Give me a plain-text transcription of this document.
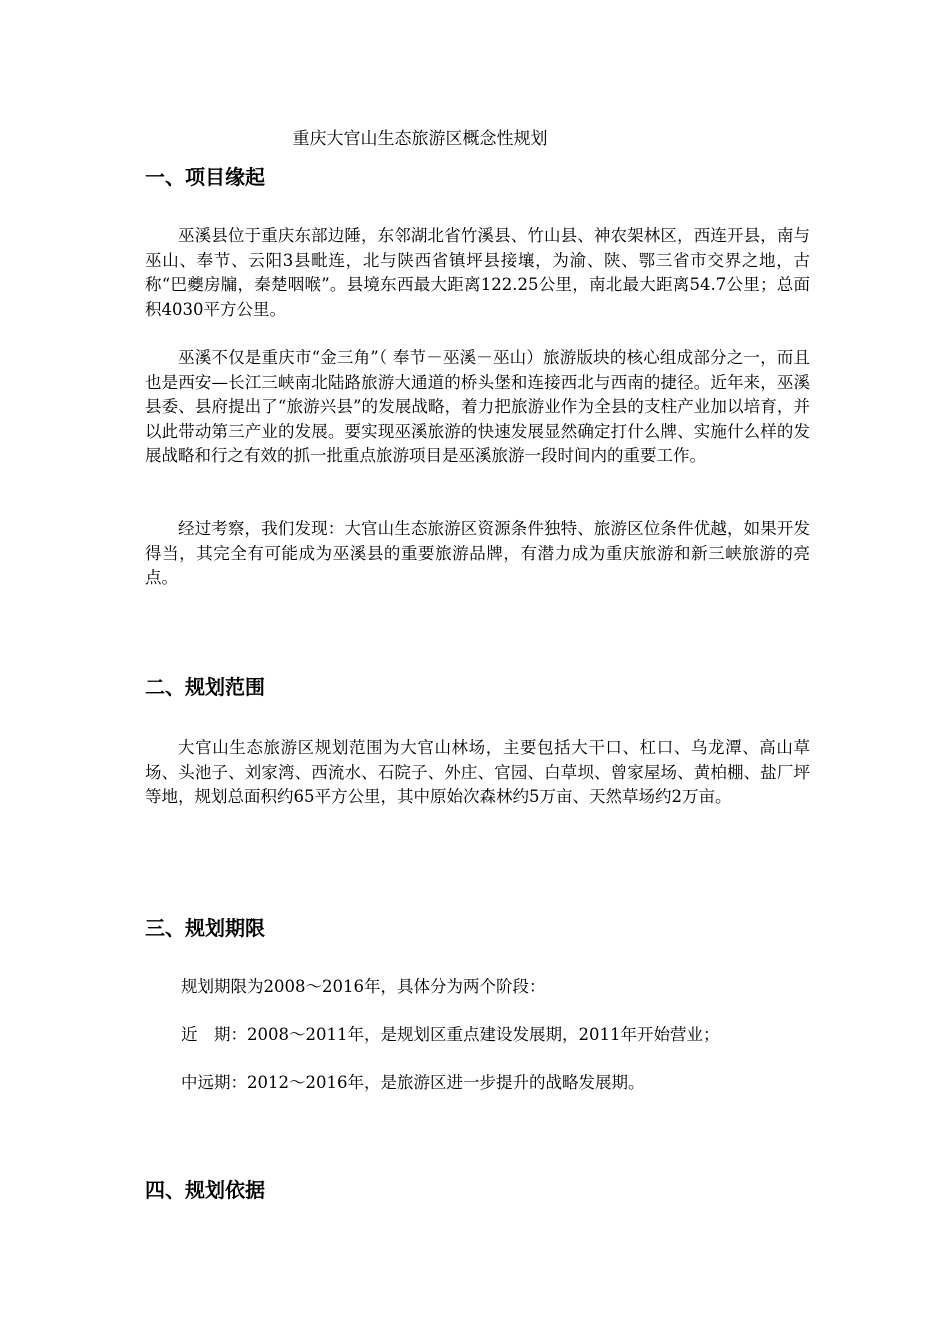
重庆大官山生态旅游区概念性规划
一、项目缘起

巫溪县位于重庆东部边陲，东邻湖北省竹溪县、竹山县、神农架林区，西连开县，南与巫山、奉节、云阳3县毗连，北与陕西省镇坪县接壤，为渝、陕、鄂三省市交界之地，古称“巴夔房牖，秦楚咽喉”。县境东西最大距离122.25公里，南北最大距离54.7公里；总面积4030平方公里。

巫溪不仅是重庆市“金三角”（ 奉节－巫溪－巫山）旅游版块的核心组成部分之一，而且也是西安—长江三峡南北陆路旅游大通道的桥头堡和连接西北与西南的捷径。近年来，巫溪县委、县府提出了“旅游兴县”的发展战略，着力把旅游业作为全县的支柱产业加以培育，并以此带动第三产业的发展。要实现巫溪旅游的快速发展显然确定打什么牌、实施什么样的发展战略和行之有效的抓一批重点旅游项目是巫溪旅游一段时间内的重要工作。

经过考察，我们发现：大官山生态旅游区资源条件独特、旅游区位条件优越，如果开发得当，其完全有可能成为巫溪县的重要旅游品牌，有潜力成为重庆旅游和新三峡旅游的亮点。

二、规划范围

大官山生态旅游区规划范围为大官山林场，主要包括大干口、杠口、乌龙潭、高山草场、头池子、刘家湾、西流水、石院子、外庄、官园、白草坝、曾家屋场、黄柏棚、盐厂坪等地，规划总面积约65平方公里，其中原始次森林约5万亩、天然草场约2万亩。

三、规划期限

规划期限为2008～2016年，具体分为两个阶段：

近　期：2008～2011年，是规划区重点建设发展期，2011年开始营业；

中远期：2012～2016年，是旅游区进一步提升的战略发展期。

四、规划依据
